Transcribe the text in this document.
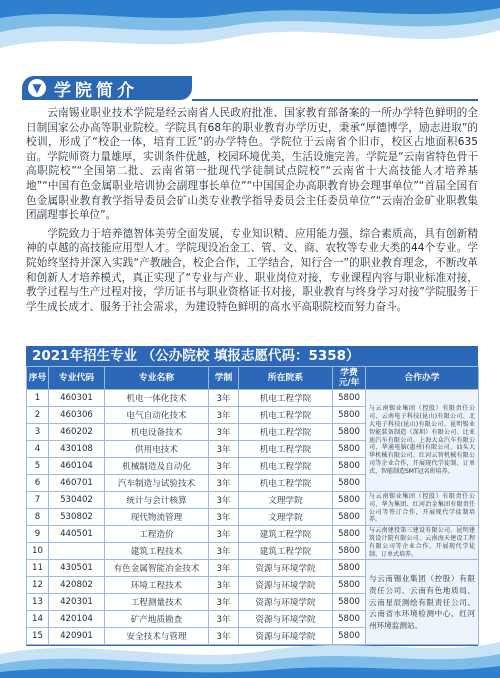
▼ 学院简介

云南锡业职业技术学院是经云南省人民政府批准、国家教育部备案的一所办学特色鲜明的全日制国家公办高等职业院校。学院具有68年的职业教育办学历史，秉承“厚德博学，励志进取”的校训，形成了“校企一体，培育工匠”的办学特色。学院位于云南省个旧市，校区占地面积635亩。学院师资力量雄厚，实训条件优越，校园环境优美，生活设施完善。学院是“云南省特色骨干高职院校”“全国第二批、云南省第一批现代学徒制试点院校”“云南省十大高技能人才培养基地”“中国有色金属职业培训协会副理事长单位”“中国国企办高职教育协会理事单位”“首届全国有色金属职业教育教学指导委员会矿山类专业教学指导委员会主任委员单位”“云南冶金矿业职教集团副理事长单位”。

学院致力于培养德智体美劳全面发展，专业知识精、应用能力强、综合素质高，具有创新精神的卓越的高技能应用型人才。学院现设冶金工、管、文、商、农牧等专业大类的44个专业。学院始终坚持并深入实践“产教融合，校企合作，工学结合，知行合一”的职业教育理念，不断改革和创新人才培养模式，真正实现了“专业与产业、职业岗位对接，专业课程内容与职业标准对接，教学过程与生产过程对接，学历证书与职业资格证书对接，职业教育与终身学习对接”学院服务于学生成长成才、服务于社会需求，为建设特色鲜明的高水平高职院校而努力奋斗。

2021年招生专业 （公办院校 填报志愿代码：5358）
序号	专业代码	专业名称	学制	所在院系	学费
元/年	合作办学
1	460301	机电一体化技术	3年	机电工程学院	5800	与云南锡业集团（控股）有限责任公司、云南电子科技(昆山)有限公司、北大电子科技(昆山)有限公司、昆明锡业智能装备制造（深圳）有限公司、比亚迪汽车有限公司、上海大众汽车有限公司、华通电脑(惠州)有限公司、汕头大华机械有限公司、红河云智机械有限公司等企业合作，开展现代学徒制、订单式、智能制造SMT冠名班培养。
2	460306	电气自动化技术	3年	机电工程学院	5800	
3	460202	机电设备技术	3年	机电工程学院	5800	
4	430108	供用电技术	3年	机电工程学院	5800	
5	460104	机械制造及自动化	3年	机电工程学院	5800	
6	460701	汽车制造与试验技术	3年	机电工程学院	5800	
7	530402	统计与会计核算	3年	文理学院	5800	与云南锡业集团（控股）有限责任公司、华为集团、红河冶金集团有限责任公司等签订合作，开展现代学徒制培养。
8	530802	现代物流管理	3年	文理学院	5800	
9	440501	工程造价	3年	建筑工程学院	5800	与云南建投第三建设有限公司、昆明建筑设计院有限公司、云南海天建设工程有限公司等企业合作，开展现代学徒制、订单式培养。
10		建筑工程技术	3年	建筑工程学院	5800	
11	430501	有色金属智能冶金技术	3年	资源与环境学院	5800	与云南锡业集团（控股）有限责任公司、云南有色地质局、云南星辰测绘有限责任公司、云南省水环境检测中心、红河州环境监测站。
12	420802	环境工程技术	3年	资源与环境学院	5800	
13	420301	工程测量技术	3年	资源与环境学院	5800	
14	420104	矿产地质勘查	3年	资源与环境学院	5800	
15	420901	安全技术与管理	3年	资源与环境学院	5800	
